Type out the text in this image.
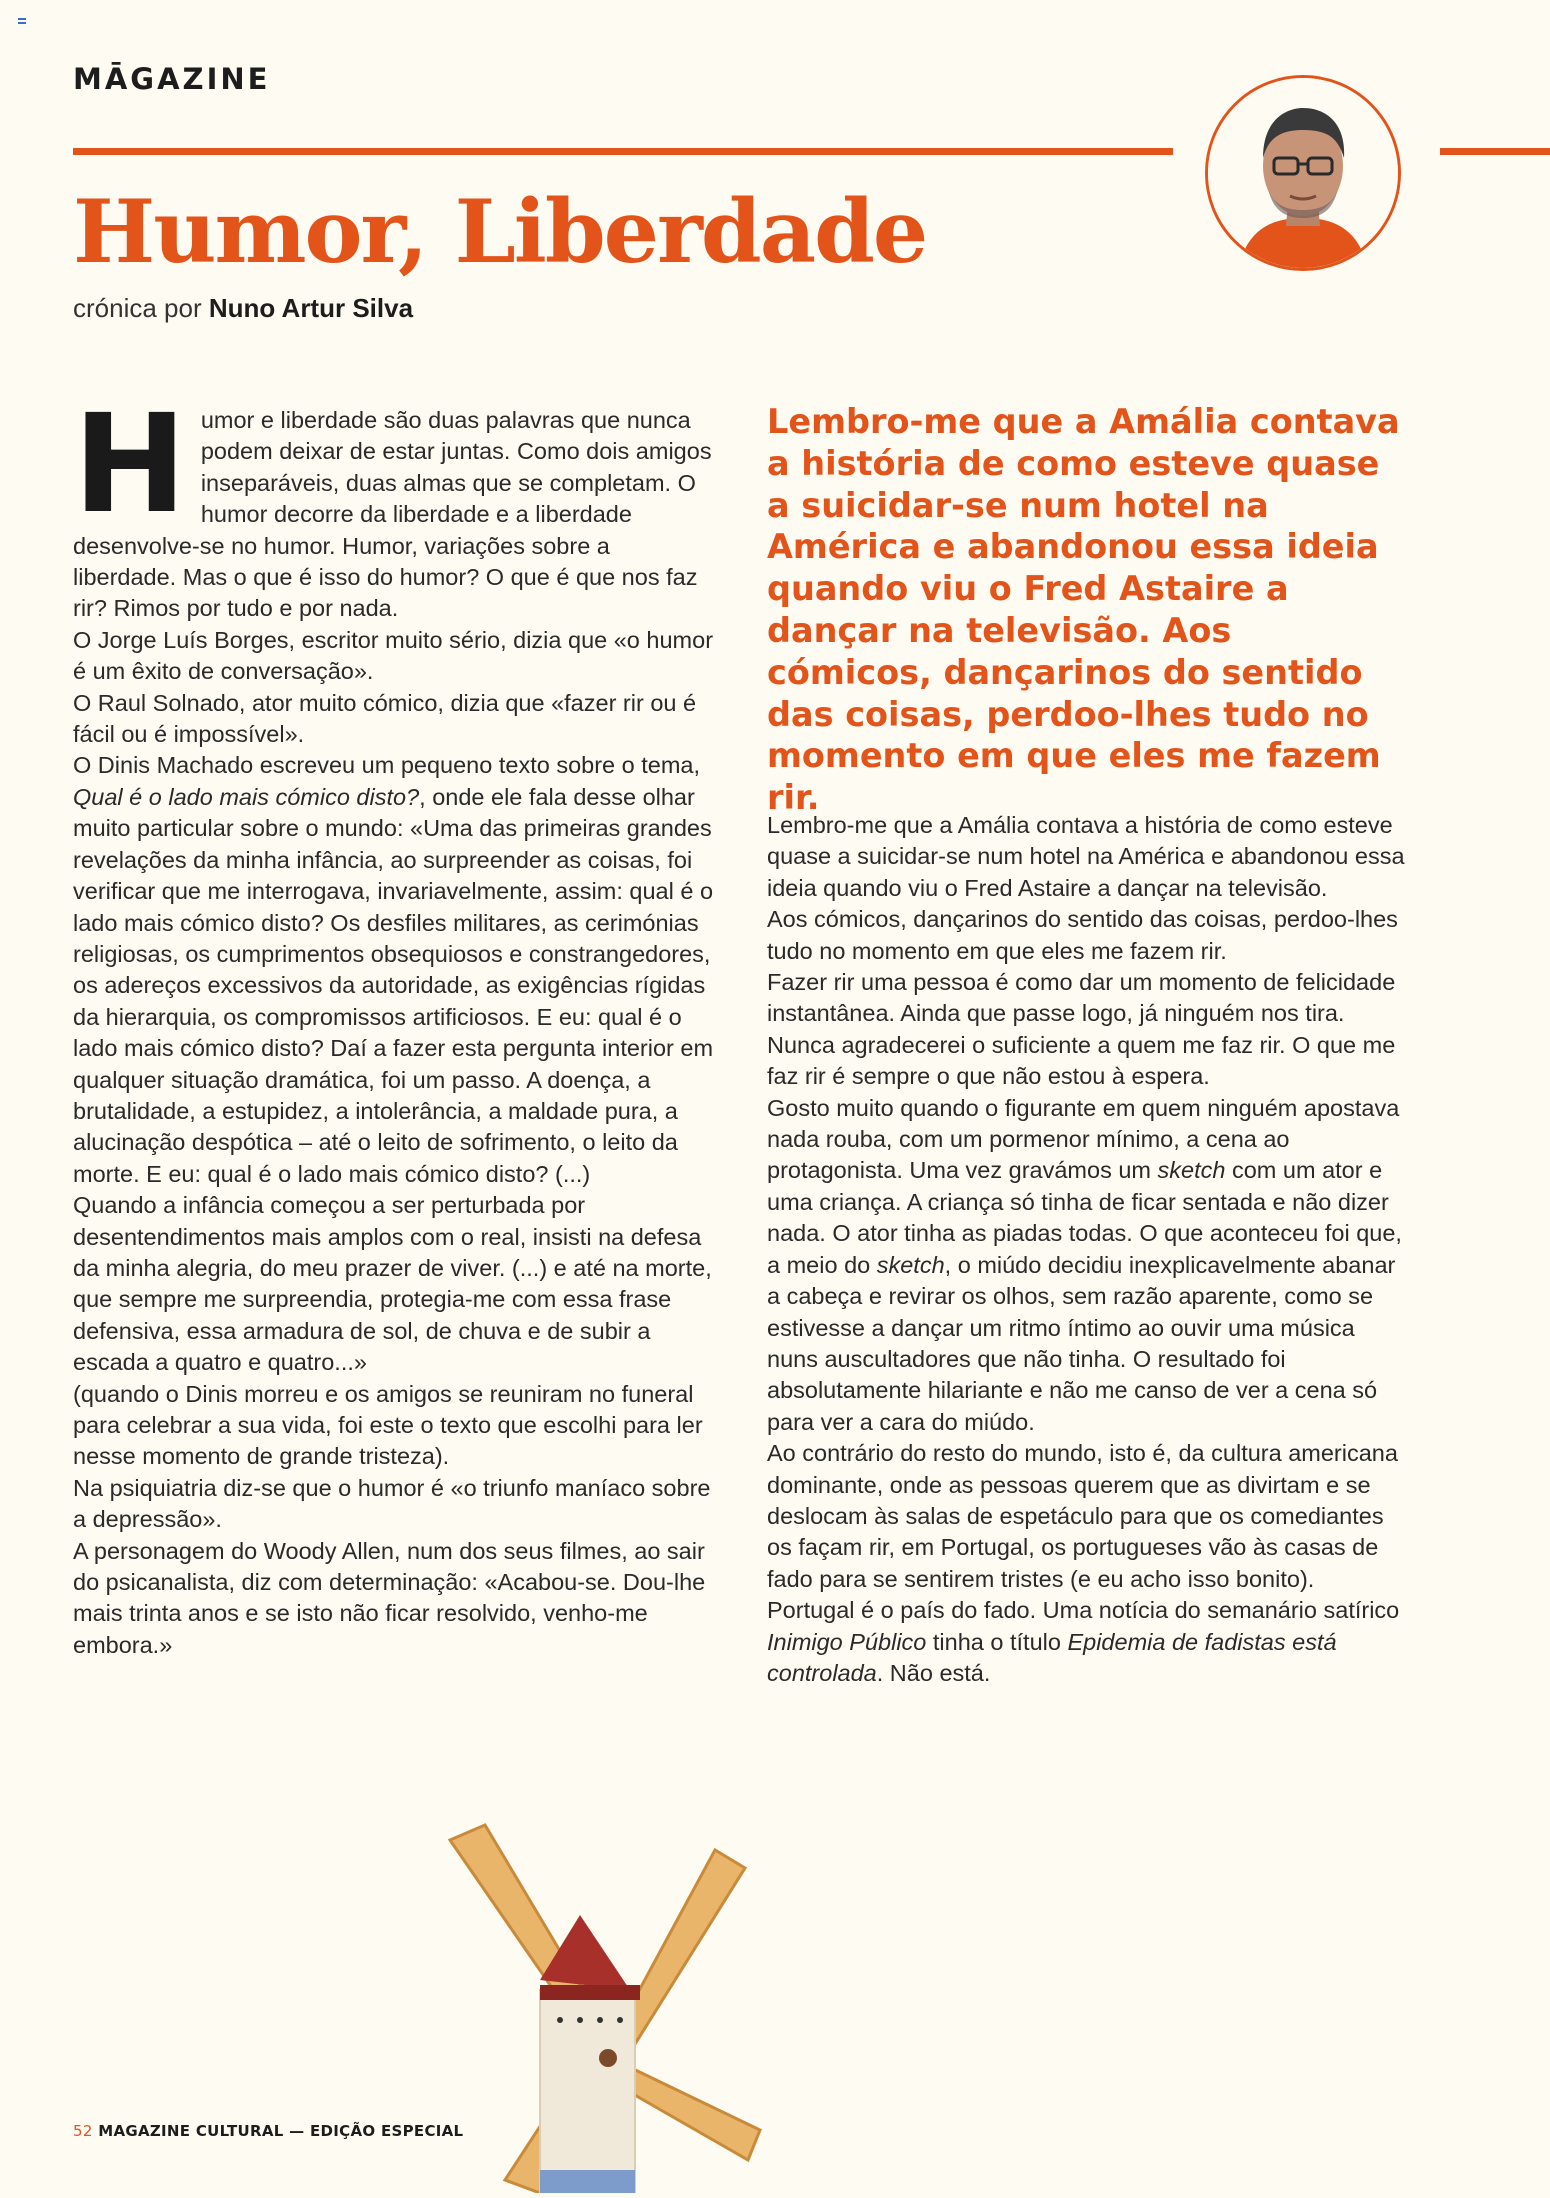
MĀGAZINE
Humor, Liberdade
crónica por Nuno Artur Silva

Humor e liberdade são duas palavras que nunca podem deixar de estar juntas. Como dois amigos inseparáveis, duas almas que se completam. O humor decorre da liberdade e a liberdade desenvolve-se no humor. Humor, variações sobre a liberdade. Mas o que é isso do humor? O que é que nos faz rir? Rimos por tudo e por nada.

O Jorge Luís Borges, escritor muito sério, dizia que «o humor é um êxito de conversação».

O Raul Solnado, ator muito cómico, dizia que «fazer rir ou é fácil ou é impossível».

O Dinis Machado escreveu um pequeno texto sobre o tema, Qual é o lado mais cómico disto?, onde ele fala desse olhar muito particular sobre o mundo: «Uma das primeiras grandes revelações da minha infância, ao surpreender as coisas, foi verificar que me interrogava, invariavelmente, assim: qual é o lado mais cómico disto? Os desfiles militares, as cerimónias religiosas, os cumprimentos obsequiosos e constrangedores, os adereços excessivos da autoridade, as exigências rígidas da hierarquia, os compromissos artificiosos. E eu: qual é o lado mais cómico disto? Daí a fazer esta pergunta interior em qualquer situação dramática, foi um passo. A doença, a brutalidade, a estupidez, a intolerância, a maldade pura, a alucinação despótica – até o leito de sofrimento, o leito da morte. E eu: qual é o lado mais cómico disto? (...)

Quando a infância começou a ser perturbada por desentendimentos mais amplos com o real, insisti na defesa da minha alegria, do meu prazer de viver. (...) e até na morte, que sempre me surpreendia, protegia-me com essa frase defensiva, essa armadura de sol, de chuva e de subir a escada a quatro e quatro...»

(quando o Dinis morreu e os amigos se reuniram no funeral para celebrar a sua vida, foi este o texto que escolhi para ler nesse momento de grande tristeza).

Na psiquiatria diz-se que o humor é «o triunfo maníaco sobre a depressão».

A personagem do Woody Allen, num dos seus filmes, ao sair do psicanalista, diz com determinação: «Acabou-se. Dou-lhe mais trinta anos e se isto não ficar resolvido, venho-me embora.»

Lembro-me que a Amália contava a história de como esteve quase a suicidar-se num hotel na América e abandonou essa ideia quando viu o Fred Astaire a dançar na televisão. Aos cómicos, dançarinos do sentido das coisas, perdoo-lhes tudo no momento em que eles me fazem rir.

Lembro-me que a Amália contava a história de como esteve quase a suicidar-se num hotel na América e abandonou essa ideia quando viu o Fred Astaire a dançar na televisão.

Aos cómicos, dançarinos do sentido das coisas, perdoo-lhes tudo no momento em que eles me fazem rir.

Fazer rir uma pessoa é como dar um momento de felicidade instantânea. Ainda que passe logo, já ninguém nos tira.

Nunca agradecerei o suficiente a quem me faz rir. O que me faz rir é sempre o que não estou à espera.

Gosto muito quando o figurante em quem ninguém apostava nada rouba, com um pormenor mínimo, a cena ao protagonista. Uma vez gravámos um sketch com um ator e uma criança. A criança só tinha de ficar sentada e não dizer nada. O ator tinha as piadas todas. O que aconteceu foi que, a meio do sketch, o miúdo decidiu inexplicavelmente abanar a cabeça e revirar os olhos, sem razão aparente, como se estivesse a dançar um ritmo íntimo ao ouvir uma música nuns auscultadores que não tinha. O resultado foi absolutamente hilariante e não me canso de ver a cena só para ver a cara do miúdo.

Ao contrário do resto do mundo, isto é, da cultura americana dominante, onde as pessoas querem que as divirtam e se deslocam às salas de espetáculo para que os comediantes os façam rir, em Portugal, os portugueses vão às casas de fado para se sentirem tristes (e eu acho isso bonito).

Portugal é o país do fado. Uma notícia do semanário satírico Inimigo Público tinha o título Epidemia de fadistas está controlada. Não está.

52 MAGAZINE CULTURAL — EDIÇÃO ESPECIAL
